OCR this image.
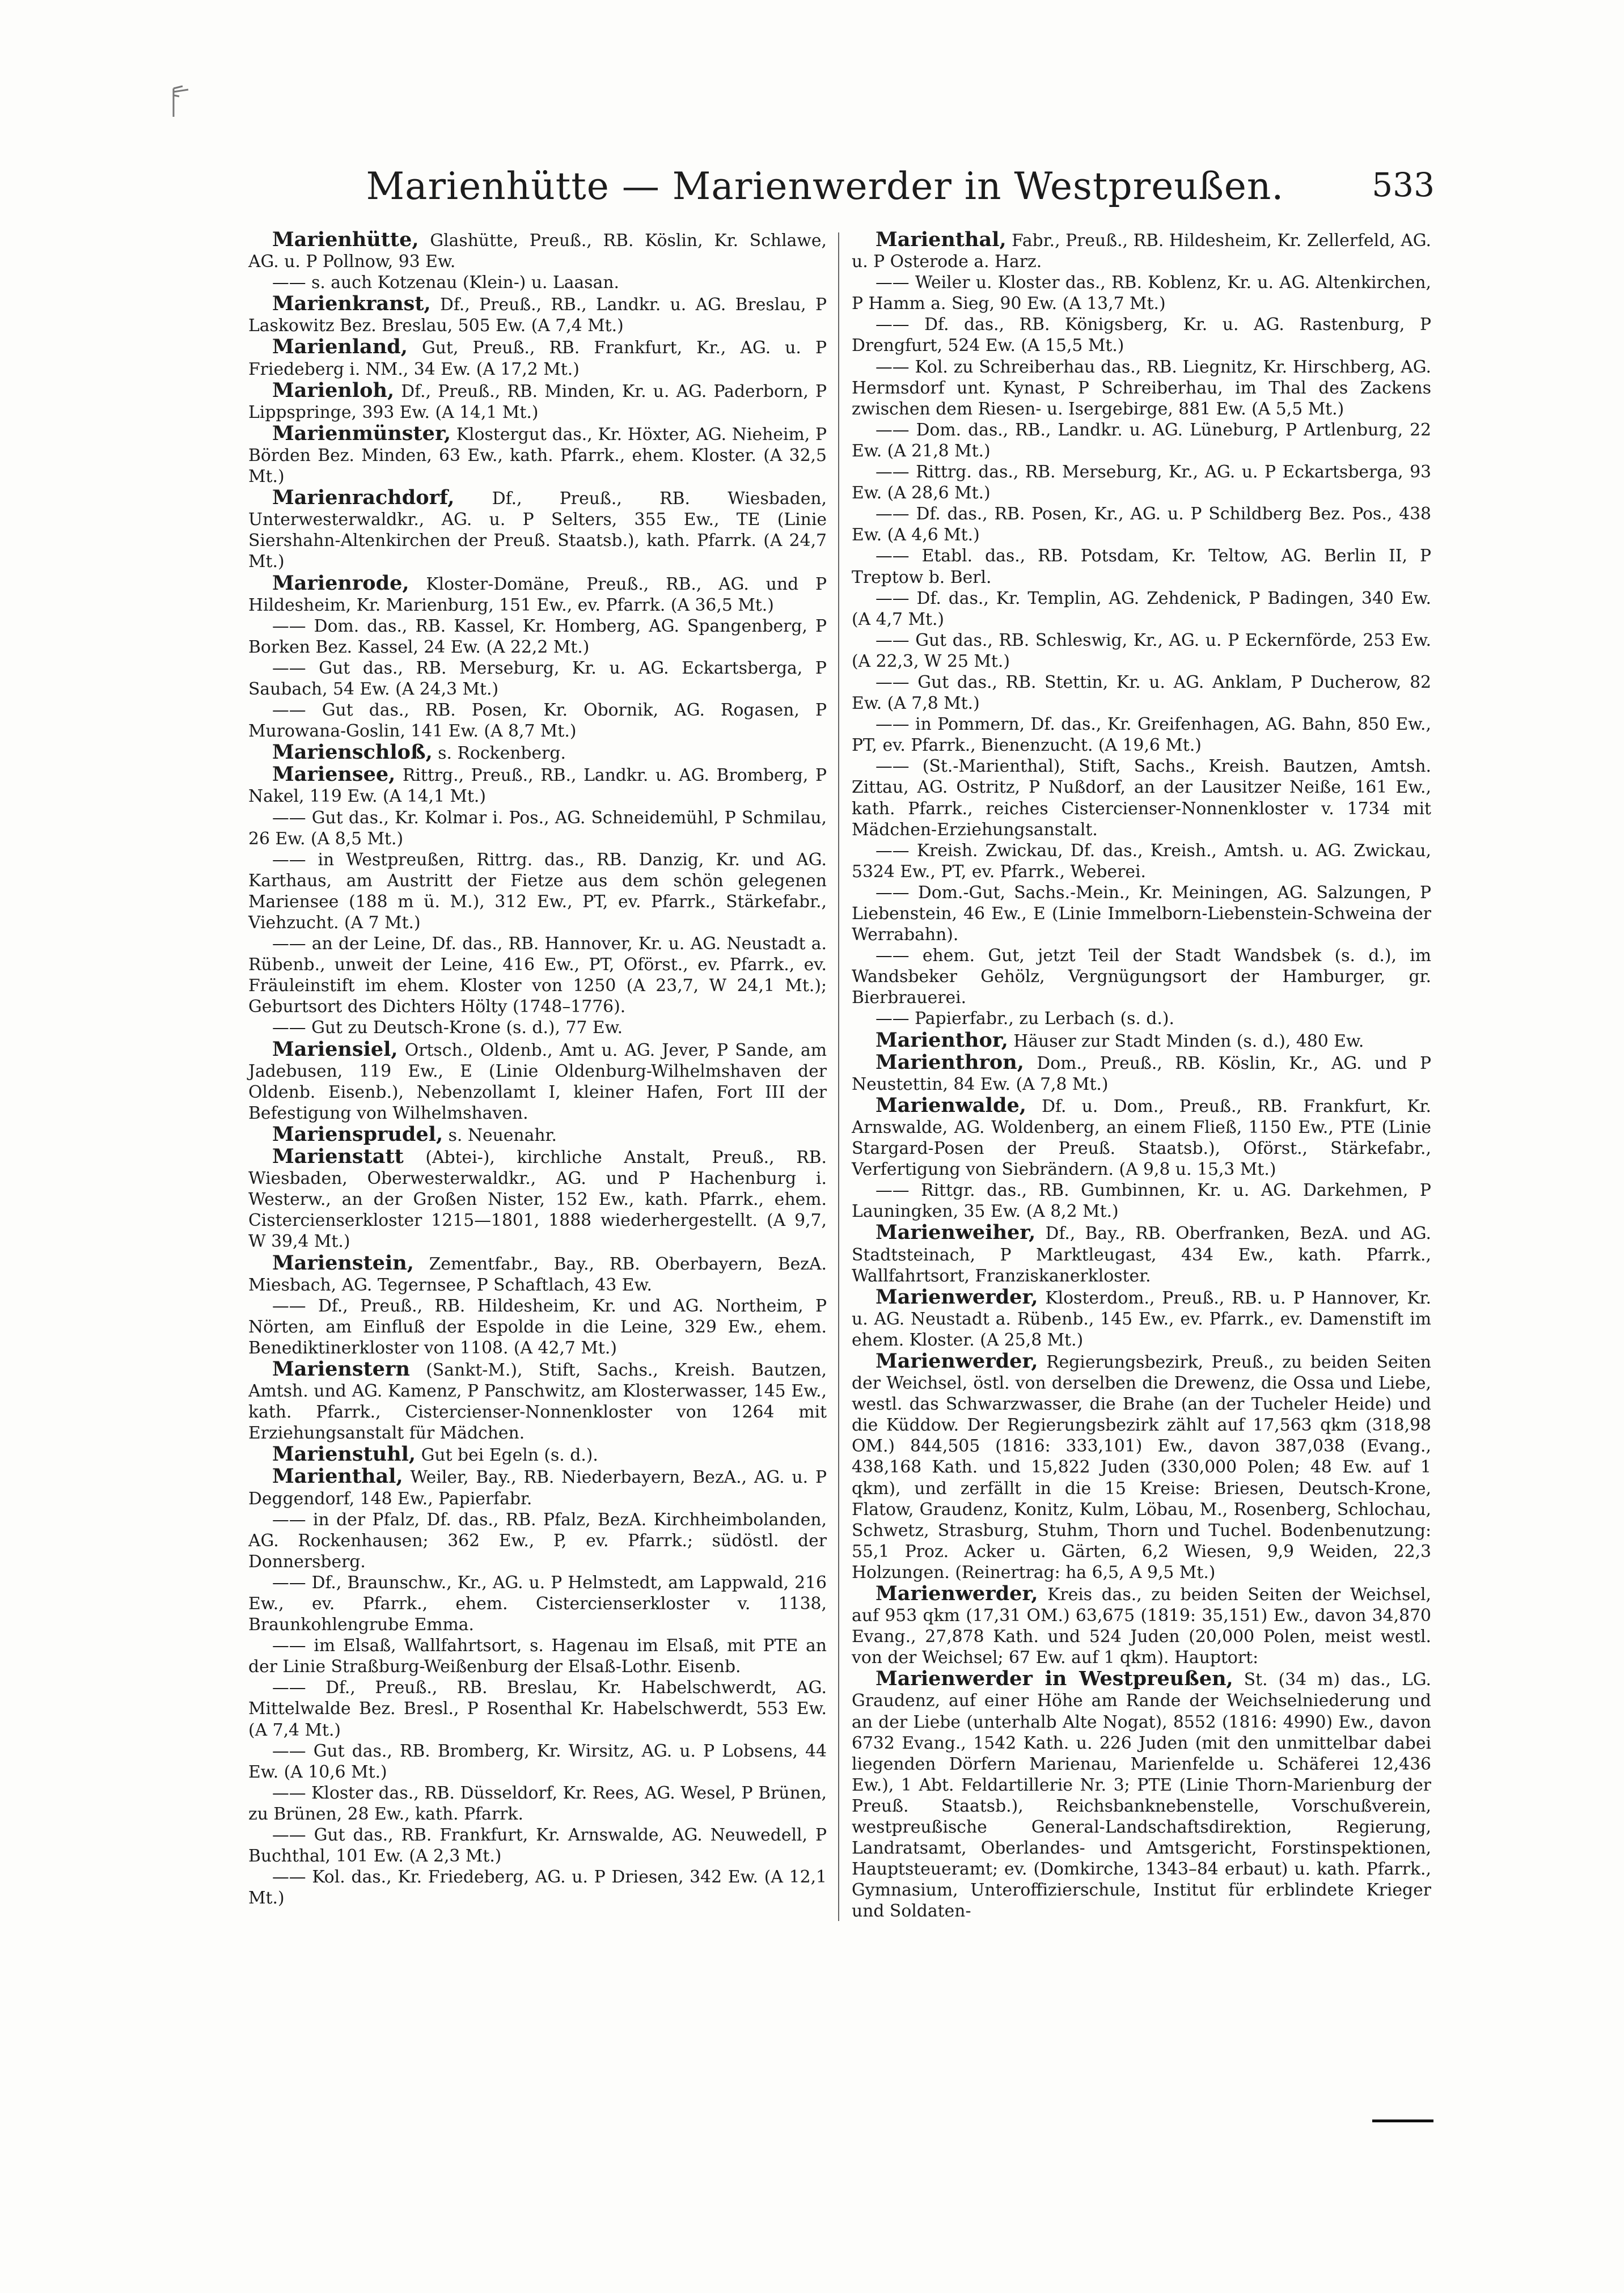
Marienhütte — Marienwerder in Westpreußen.	533

Marienhütte, Glashütte, Preuß., RB. Köslin, Kr. Schlawe, AG. u. P Pollnow, 93 Ew.

—— s. auch Kotzenau (Klein-) u. Laasan.

Marienkranst, Df., Preuß., RB., Landkr. u. AG. Breslau, P Laskowitz Bez. Breslau, 505 Ew. (A 7,4 Mt.)

Marienland, Gut, Preuß., RB. Frankfurt, Kr., AG. u. P Friedeberg i. NM., 34 Ew. (A 17,2 Mt.)

Marienloh, Df., Preuß., RB. Minden, Kr. u. AG. Paderborn, P Lippspringe, 393 Ew. (A 14,1 Mt.)

Marienmünster, Klostergut das., Kr. Höxter, AG. Nieheim, P Börden Bez. Minden, 63 Ew., kath. Pfarrk., ehem. Kloster. (A 32,5 Mt.)

Marienrachdorf, Df., Preuß., RB. Wiesbaden, Unterwesterwaldkr., AG. u. P Selters, 355 Ew., TE (Linie Siershahn-Altenkirchen der Preuß. Staatsb.), kath. Pfarrk. (A 24,7 Mt.)

Marienrode, Kloster-Domäne, Preuß., RB., AG. und P Hildesheim, Kr. Marienburg, 151 Ew., ev. Pfarrk. (A 36,5 Mt.)

—— Dom. das., RB. Kassel, Kr. Homberg, AG. Spangenberg, P Borken Bez. Kassel, 24 Ew. (A 22,2 Mt.)

—— Gut das., RB. Merseburg, Kr. u. AG. Eckartsberga, P Saubach, 54 Ew. (A 24,3 Mt.)

—— Gut das., RB. Posen, Kr. Obornik, AG. Rogasen, P Murowana-Goslin, 141 Ew. (A 8,7 Mt.)

Marienschloß, s. Rockenberg.

Mariensee, Rittrg., Preuß., RB., Landkr. u. AG. Bromberg, P Nakel, 119 Ew. (A 14,1 Mt.)

—— Gut das., Kr. Kolmar i. Pos., AG. Schneidemühl, P Schmilau, 26 Ew. (A 8,5 Mt.)

—— in Westpreußen, Rittrg. das., RB. Danzig, Kr. und AG. Karthaus, am Austritt der Fietze aus dem schön gelegenen Mariensee (188 m ü. M.), 312 Ew., PT, ev. Pfarrk., Stärkefabr., Viehzucht. (A 7 Mt.)

—— an der Leine, Df. das., RB. Hannover, Kr. u. AG. Neustadt a. Rübenb., unweit der Leine, 416 Ew., PT, Oförst., ev. Pfarrk., ev. Fräuleinstift im ehem. Kloster von 1250 (A 23,7, W 24,1 Mt.); Geburtsort des Dichters Hölty (1748–1776).

—— Gut zu Deutsch-Krone (s. d.), 77 Ew.

Mariensiel, Ortsch., Oldenb., Amt u. AG. Jever, P Sande, am Jadebusen, 119 Ew., E (Linie Oldenburg-Wilhelmshaven der Oldenb. Eisenb.), Nebenzollamt I, kleiner Hafen, Fort III der Befestigung von Wilhelmshaven.

Mariensprudel, s. Neuenahr.

Marienstatt (Abtei-), kirchliche Anstalt, Preuß., RB. Wiesbaden, Oberwesterwaldkr., AG. und P Hachenburg i. Westerw., an der Großen Nister, 152 Ew., kath. Pfarrk., ehem. Cistercienserkloster 1215—1801, 1888 wiederhergestellt. (A 9,7, W 39,4 Mt.)

Marienstein, Zementfabr., Bay., RB. Oberbayern, BezA. Miesbach, AG. Tegernsee, P Schaftlach, 43 Ew.

—— Df., Preuß., RB. Hildesheim, Kr. und AG. Northeim, P Nörten, am Einfluß der Espolde in die Leine, 329 Ew., ehem. Benediktinerkloster von 1108. (A 42,7 Mt.)

Marienstern (Sankt-M.), Stift, Sachs., Kreish. Bautzen, Amtsh. und AG. Kamenz, P Panschwitz, am Klosterwasser, 145 Ew., kath. Pfarrk., Cistercienser-Nonnenkloster von 1264 mit Erziehungsanstalt für Mädchen.

Marienstuhl, Gut bei Egeln (s. d.).

Marienthal, Weiler, Bay., RB. Niederbayern, BezA., AG. u. P Deggendorf, 148 Ew., Papierfabr.

—— in der Pfalz, Df. das., RB. Pfalz, BezA. Kirchheimbolanden, AG. Rockenhausen; 362 Ew., P, ev. Pfarrk.; südöstl. der Donnersberg.

—— Df., Braunschw., Kr., AG. u. P Helmstedt, am Lappwald, 216 Ew., ev. Pfarrk., ehem. Cistercienserkloster v. 1138, Braunkohlengrube Emma.

—— im Elsaß, Wallfahrtsort, s. Hagenau im Elsaß, mit PTE an der Linie Straßburg-Weißenburg der Elsaß-Lothr. Eisenb.

—— Df., Preuß., RB. Breslau, Kr. Habelschwerdt, AG. Mittelwalde Bez. Bresl., P Rosenthal Kr. Habelschwerdt, 553 Ew. (A 7,4 Mt.)

—— Gut das., RB. Bromberg, Kr. Wirsitz, AG. u. P Lobsens, 44 Ew. (A 10,6 Mt.)

—— Kloster das., RB. Düsseldorf, Kr. Rees, AG. Wesel, P Brünen, zu Brünen, 28 Ew., kath. Pfarrk.

—— Gut das., RB. Frankfurt, Kr. Arnswalde, AG. Neuwedell, P Buchthal, 101 Ew. (A 2,3 Mt.)

—— Kol. das., Kr. Friedeberg, AG. u. P Driesen, 342 Ew. (A 12,1 Mt.)

Marienthal, Fabr., Preuß., RB. Hildesheim, Kr. Zellerfeld, AG. u. P Osterode a. Harz.

—— Weiler u. Kloster das., RB. Koblenz, Kr. u. AG. Altenkirchen, P Hamm a. Sieg, 90 Ew. (A 13,7 Mt.)

—— Df. das., RB. Königsberg, Kr. u. AG. Rastenburg, P Drengfurt, 524 Ew. (A 15,5 Mt.)

—— Kol. zu Schreiberhau das., RB. Liegnitz, Kr. Hirschberg, AG. Hermsdorf unt. Kynast, P Schreiberhau, im Thal des Zackens zwischen dem Riesen- u. Isergebirge, 881 Ew. (A 5,5 Mt.)

—— Dom. das., RB., Landkr. u. AG. Lüneburg, P Artlenburg, 22 Ew. (A 21,8 Mt.)

—— Rittrg. das., RB. Merseburg, Kr., AG. u. P Eckartsberga, 93 Ew. (A 28,6 Mt.)

—— Df. das., RB. Posen, Kr., AG. u. P Schildberg Bez. Pos., 438 Ew. (A 4,6 Mt.)

—— Etabl. das., RB. Potsdam, Kr. Teltow, AG. Berlin II, P Treptow b. Berl.

—— Df. das., Kr. Templin, AG. Zehdenick, P Badingen, 340 Ew. (A 4,7 Mt.)

—— Gut das., RB. Schleswig, Kr., AG. u. P Eckernförde, 253 Ew. (A 22,3, W 25 Mt.)

—— Gut das., RB. Stettin, Kr. u. AG. Anklam, P Ducherow, 82 Ew. (A 7,8 Mt.)

—— in Pommern, Df. das., Kr. Greifenhagen, AG. Bahn, 850 Ew., PT, ev. Pfarrk., Bienenzucht. (A 19,6 Mt.)

—— (St.-Marienthal), Stift, Sachs., Kreish. Bautzen, Amtsh. Zittau, AG. Ostritz, P Nußdorf, an der Lausitzer Neiße, 161 Ew., kath. Pfarrk., reiches Cistercienser-Nonnenkloster v. 1734 mit Mädchen-Erziehungsanstalt.

—— Kreish. Zwickau, Df. das., Kreish., Amtsh. u. AG. Zwickau, 5324 Ew., PT, ev. Pfarrk., Weberei.

—— Dom.-Gut, Sachs.-Mein., Kr. Meiningen, AG. Salzungen, P Liebenstein, 46 Ew., E (Linie Immelborn-Liebenstein-Schweina der Werrabahn).

—— ehem. Gut, jetzt Teil der Stadt Wandsbek (s. d.), im Wandsbeker Gehölz, Vergnügungsort der Hamburger, gr. Bierbrauerei.

—— Papierfabr., zu Lerbach (s. d.).

Marienthor, Häuser zur Stadt Minden (s. d.), 480 Ew.

Marienthron, Dom., Preuß., RB. Köslin, Kr., AG. und P Neustettin, 84 Ew. (A 7,8 Mt.)

Marienwalde, Df. u. Dom., Preuß., RB. Frankfurt, Kr. Arnswalde, AG. Woldenberg, an einem Fließ, 1150 Ew., PTE (Linie Stargard-Posen der Preuß. Staatsb.), Oförst., Stärkefabr., Verfertigung von Siebrändern. (A 9,8 u. 15,3 Mt.)

—— Rittgr. das., RB. Gumbinnen, Kr. u. AG. Darkehmen, P Launingken, 35 Ew. (A 8,2 Mt.)

Marienweiher, Df., Bay., RB. Oberfranken, BezA. und AG. Stadtsteinach, P Marktleugast, 434 Ew., kath. Pfarrk., Wallfahrtsort, Franziskanerkloster.

Marienwerder, Klosterdom., Preuß., RB. u. P Hannover, Kr. u. AG. Neustadt a. Rübenb., 145 Ew., ev. Pfarrk., ev. Damenstift im ehem. Kloster. (A 25,8 Mt.)

Marienwerder, Regierungsbezirk, Preuß., zu beiden Seiten der Weichsel, östl. von derselben die Drewenz, die Ossa und Liebe, westl. das Schwarzwasser, die Brahe (an der Tucheler Heide) und die Küddow. Der Regierungsbezirk zählt auf 17,563 qkm (318,98 OM.) 844,505 (1816: 333,101) Ew., davon 387,038 (Evang., 438,168 Kath. und 15,822 Juden (330,000 Polen; 48 Ew. auf 1 qkm), und zerfällt in die 15 Kreise: Briesen, Deutsch-Krone, Flatow, Graudenz, Konitz, Kulm, Löbau, M., Rosenberg, Schlochau, Schwetz, Strasburg, Stuhm, Thorn und Tuchel. Bodenbenutzung: 55,1 Proz. Acker u. Gärten, 6,2 Wiesen, 9,9 Weiden, 22,3 Holzungen. (Reinertrag: ha 6,5, A 9,5 Mt.)

Marienwerder, Kreis das., zu beiden Seiten der Weichsel, auf 953 qkm (17,31 OM.) 63,675 (1819: 35,151) Ew., davon 34,870 Evang., 27,878 Kath. und 524 Juden (20,000 Polen, meist westl. von der Weichsel; 67 Ew. auf 1 qkm). Hauptort:

Marienwerder in Westpreußen, St. (34 m) das., LG. Graudenz, auf einer Höhe am Rande der Weichselniederung und an der Liebe (unterhalb Alte Nogat), 8552 (1816: 4990) Ew., davon 6732 Evang., 1542 Kath. u. 226 Juden (mit den unmittelbar dabei liegenden Dörfern Marienau, Marienfelde u. Schäferei 12,436 Ew.), 1 Abt. Feldartillerie Nr. 3; PTE (Linie Thorn-Marienburg der Preuß. Staatsb.), Reichsbanknebenstelle, Vorschußverein, westpreußische General-Landschaftsdirektion, Regierung, Landratsamt, Oberlandes- und Amtsgericht, Forstinspektionen, Hauptsteueramt; ev. (Domkirche, 1343–84 erbaut) u. kath. Pfarrk., Gymnasium, Unteroffizierschule, Institut für erblindete Krieger und Soldaten-
